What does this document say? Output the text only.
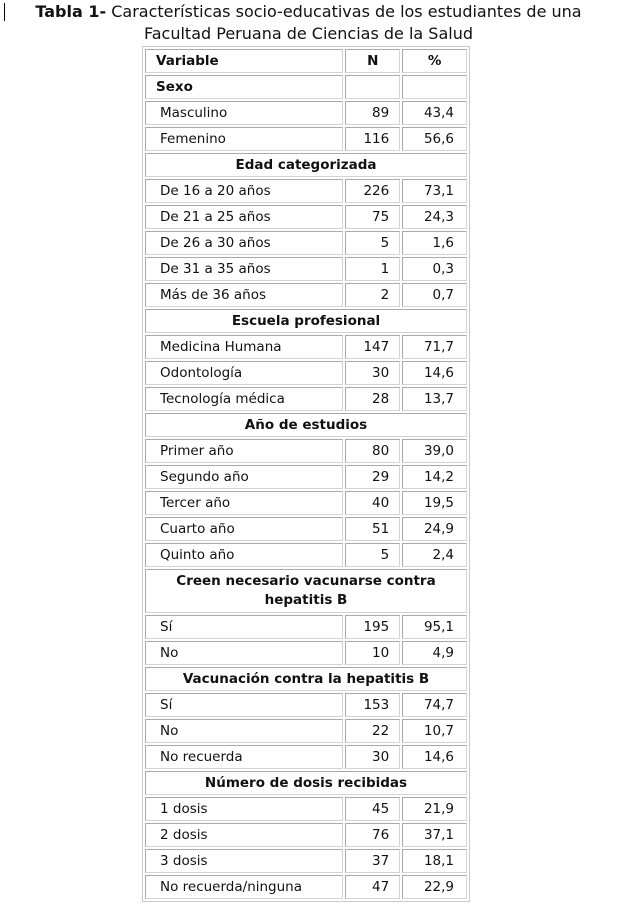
Tabla 1- Características socio-educativas de los estudiantes de una Facultad Peruana de Ciencias de la Salud
Variable	N	%
Sexo		
Masculino	89	43,4
Femenino	116	56,6
Edad categorizada		
De 16 a 20 años	226	73,1
De 21 a 25 años	75	24,3
De 26 a 30 años	5	1,6
De 31 a 35 años	1	0,3
Más de 36 años	2	0,7
Escuela profesional		
Medicina Humana	147	71,7
Odontología	30	14,6
Tecnología médica	28	13,7
Año de estudios		
Primer año	80	39,0
Segundo año	29	14,2
Tercer año	40	19,5
Cuarto año	51	24,9
Quinto año	5	2,4
Creen necesario vacunarse contra hepatitis B		
Sí	195	95,1
No	10	4,9
Vacunación contra la hepatitis B		
Sí	153	74,7
No	22	10,7
No recuerda	30	14,6
Número de dosis recibidas		
1 dosis	45	21,9
2 dosis	76	37,1
3 dosis	37	18,1
No recuerda/ninguna	47	22,9
